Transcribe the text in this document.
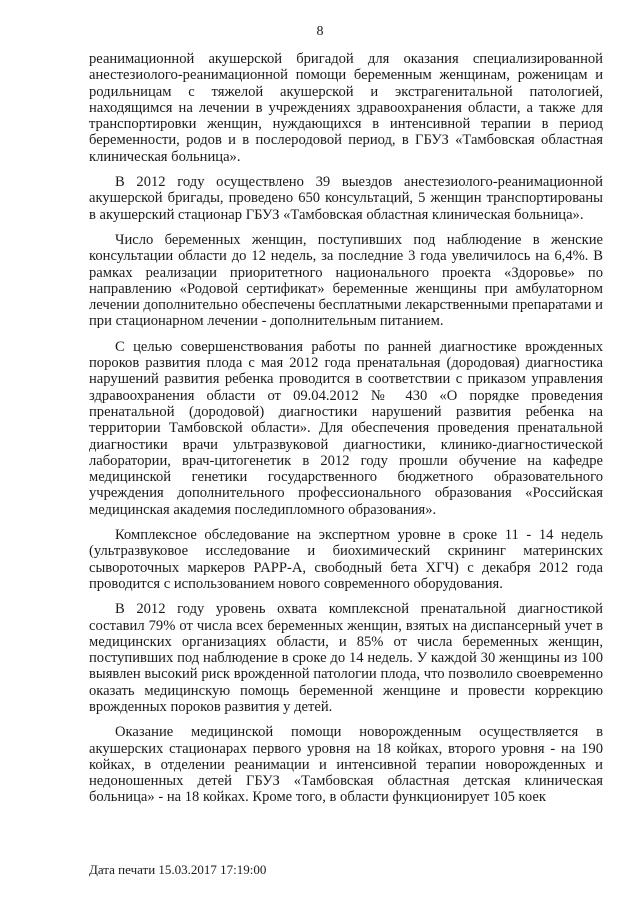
8

реанимационной акушерской бригадой для оказания специализированной анестезиолого-реанимационной помощи беременным женщинам, роженицам и родильницам с тяжелой акушерской и экстрагенитальной патологией, находящимся на лечении в учреждениях здравоохранения области, а также для транспортировки женщин, нуждающихся в интенсивной терапии в период беременности, родов и в послеродовой период, в ГБУЗ «Тамбовская областная клиническая больница».

В 2012 году осуществлено 39 выездов анестезиолого-реанимационной акушерской бригады, проведено 650 консультаций, 5 женщин транспортированы в акушерский стационар ГБУЗ «Тамбовская областная клиническая больница».

Число беременных женщин, поступивших под наблюдение в женские консультации области до 12 недель, за последние 3 года увеличилось на 6,4%. В рамках реализации приоритетного национального проекта «Здоровье» по направлению «Родовой сертификат» беременные женщины при амбулаторном лечении дополнительно обеспечены бесплатными лекарственными препаратами и при стационарном лечении - дополнительным питанием.

С целью совершенствования работы по ранней диагностике врожденных пороков развития плода с мая 2012 года пренатальная (дородовая) диагностика нарушений развития ребенка проводится в соответствии с приказом управления здравоохранения области от 09.04.2012 № 430 «О порядке проведения пренатальной (дородовой) диагностики нарушений развития ребенка на территории Тамбовской области». Для обеспечения проведения пренатальной диагностики врачи ультразвуковой диагностики, клинико-диагностической лаборатории, врач-цитогенетик в 2012 году прошли обучение на кафедре медицинской генетики государственного бюджетного образовательного учреждения дополнительного профессионального образования «Российская медицинская академия последипломного образования».

Комплексное обследование на экспертном уровне в сроке 11 - 14 недель (ультразвуковое исследование и биохимический скрининг материнских сывороточных маркеров PAPP-A, свободный бета ХГЧ) с декабря 2012 года проводится с использованием нового современного оборудования.

В 2012 году уровень охвата комплексной пренатальной диагностикой составил 79% от числа всех беременных женщин, взятых на диспансерный учет в медицинских организациях области, и 85% от числа беременных женщин, поступивших под наблюдение в сроке до 14 недель. У каждой 30 женщины из 100 выявлен высокий риск врожденной патологии плода, что позволило своевременно оказать медицинскую помощь беременной женщине и провести коррекцию врожденных пороков развития у детей.

Оказание медицинской помощи новорожденным осуществляется в акушерских стационарах первого уровня на 18 койках, второго уровня - на 190 койках, в отделении реанимации и интенсивной терапии новорожденных и недоношенных детей ГБУЗ «Тамбовская областная детская клиническая больница» - на 18 койках. Кроме того, в области функционирует 105 коек

Дата печати 15.03.2017 17:19:00
